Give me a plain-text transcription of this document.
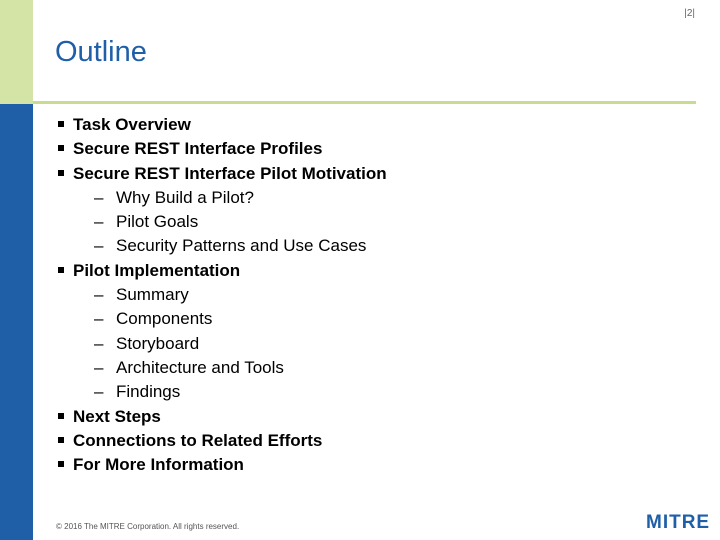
|2|
Outline
Task Overview
Secure REST Interface Profiles
Secure REST Interface Pilot Motivation
– Why Build a Pilot?
– Pilot Goals
– Security Patterns and Use Cases
Pilot Implementation
– Summary
– Components
– Storyboard
– Architecture and Tools
– Findings
Next Steps
Connections to Related Efforts
For More Information
© 2016 The MITRE Corporation. All rights reserved.	MITRE
